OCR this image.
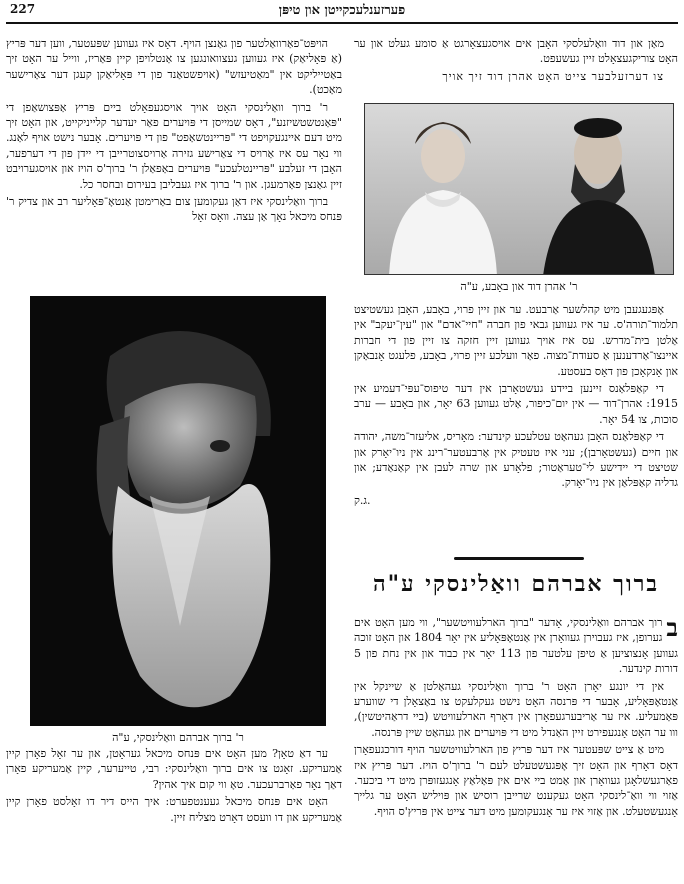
פערזענלעכקייטן און טיפּן
227

מאַן און דוד וואַלעלסקי האָבן אים אויסגעצאָרגט אַ סומע געלט און ער האָט צוריקגעצאָלט זיין געשעפט.

צו דערזעלבער צייט האָט אהרן דוד זיך אויך

ר' אהרן דוד און באָבע, ע"ה

אָפּגעגעבן מיט קהלשער אַרבעט. ער און זיין פרוי, באָבע, האָבן געשטיצט תלמוד־תורה'ס. ער איז געווען גבאי פון חברה "חיי־אדם" און "עין־יעקב" אין אַלטן בית־מדרש. עס איז אויך געווען זיין חזקה צו זיין פון די חברות איינצו־אַרדענען אַ סעודת־מצוה. פאַר וועלכע זיין פרוי, באָבע, פלעגט אָנבאַקן און אָנקאָכן פון דאָס בעסטע.

די קאַפּלאַנס זיינען ביידע געשטאָרבן אין דער טיפוס־עפּי־דעמיע אין 1915: אהרן־דוד — אין יום־כיפור, אַלט געווען 63 יאָר, און באָבע — ערב סוכות, צו 54 יאָר.

די קאַפּלאַנס האָבן געהאַט עטלעכע קינדער: מאָריס, אליעזר־משה, יהודה און חיים (געשטאָרבן); עני איז טעטיק אין אַרבעטער־רינג אין ניו־יאָרק און שטיצט די יידישע לי־טעראַטור; פלאָרע און שרה לעבן אין קאַנאַדע; און גדליה קאַפּלאַן אין ניו־יאָרק.

ג.ק.

ברוך אברהם וואַלינסקי ע"ה

ב
רוך אברהם וואַלינסקי, אָדער "ברוך הארלעוויטשער", ווי מען האָט אים גערופן, איז געבוירן געוואָרן אין אַנטאָפּאָליע אין יאָר 1804 און האָט זוכה געווען אָנצוציען אַ טיפן עלטער פון 113 יאָר אין כבוד און אין נחת פון 5 דורות קינדער.

אין די יונגע יאָרן האָט ר' ברוך וואַלינסקי געהאַלטן אַ שיינקל אין אַנטאָפּאָליע, אָבער די פּרנסה האָט נישט געקלעקט צו באַצאָלן די שווערע פּאַמעליע. איז ער אַריבערגעפאָרן אין דאָרף הארלעוויטש (ביי דראַהיטשין), ווו ער האָט אָנגעפירט זיין האַנדל מיט די פּויערים און געהאַט שיין פּרנסה.

מיט אַ צייט שפּעטער איז דער פּריץ פון הארלעוויטשער הויף דורכגעפאָרן דאָס דאָרף און האָט זיך אָפּגעשטעלט לעם ר' ברוך'ס הויז. דער פּריץ איז פאַרגעשלאָגן געוואָרן און אַמט ביי אים אין פּאַלאַץ אָנגעזופּרן מיט די ביכער. אַזוי ווי וואַ־לינסקי האָט געקענט שרייבן רוסיש און פּויליש האָט ער גלייך אָנגעשטעלט. און אַזוי איז ער אָנגעקומען מיט דער צייט אין פּריץ'ס הויף.

הויפּט־פאַרוואַלטער פון גאַנצן הויף. דאָס איז געווען שפּעטער, ווען דער פּריץ (אַ פּאָליאַק) איז געווען געצוואונגען צו אַנטלויפן קיין פּאַריז, ווייל ער האָט זיך באַטייליקט אין "מאַטיעזש" (אויפשטאַנד פון די פּאָליאַקן קעגן דער צאַרישער מאַכט).

ר' ברוך וואַלינסקי האָט אויך אויסגעפאָלט ביים פּריץ אַפּצושאַפן די "פּאַנטשטשיזנע", דאָס שמייסן די פּויערים פאַר יעדער קלייניקייט, און האָט זיך מיט דעם איינגעקויפט די "פּריינטשאַפט" פון די פּויערים. אָבער נישט אויף לאַנג. ווי נאָר עס איז אַרויס די צאַרישע גזירה אַרויסצוטרייבן די יידן פון די דערפער, האָבן די זעלבע "פּריינטלעכע" פּויערים באַפאַלן ר' ברוך'ס הויז און אויסגערויבט זיין גאַנצן פאַרמעגן. און ר' ברוך איז געבליבן בעירום ובחסר כל.

ברוך וואַלינסקי איז דאַן געקומען צום באַרימטן אַנטאָ־פּאָליער רב און צדיק ר' פּנחס מיכאל נאָך אַן עצה. וואָס זאָל

ר' ברוך אברהם וואַלינסקי, ע"ה

ער דאַ טאָן? מען האָט אים פּנחס מיכאל געראָטן, און ער זאָל פאָרן קיין אַמעריקע. זאָגט צו אים ברוך וואַלינסקי: רבי, טייערער, קיין אַמעריקע פאָרן דאַך נאָר פאַרברעכער. טאָ ווי קום איך אהין?

האָט אים פּנחס מיכאל געענטפערט: איך הייס דיר דו זאָלסט פאָרן קיין אַמעריקע און דו וועסט דאָרט מצליח זיין.
